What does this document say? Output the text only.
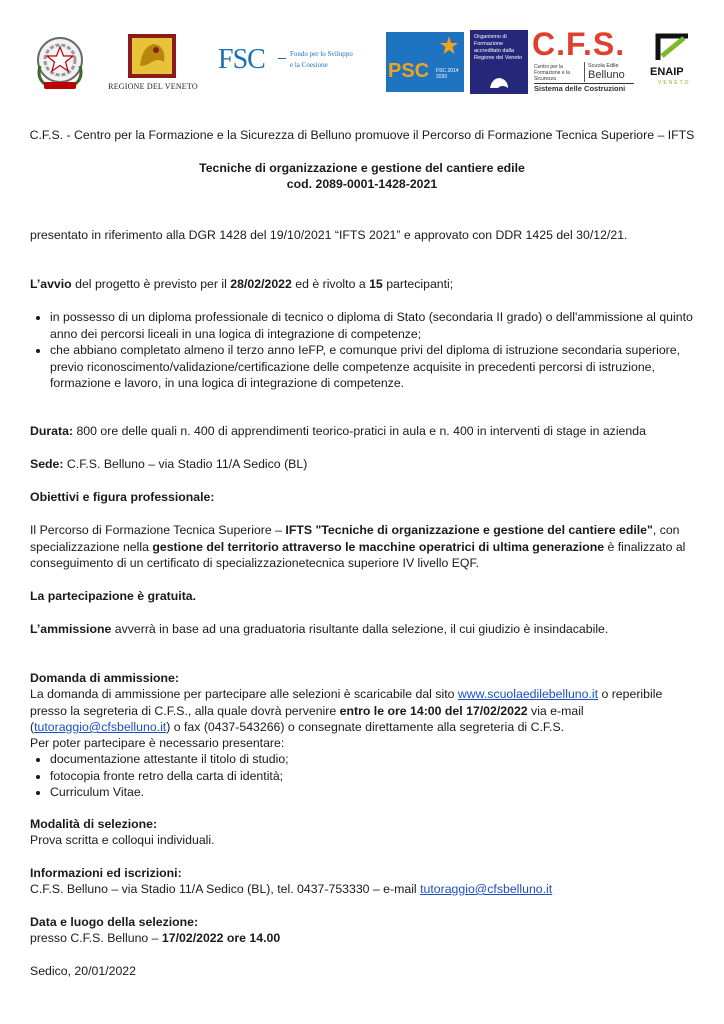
REGIONE DEL VENETO
FSC	Fondo per lo Sviluppo
e la Coesione	PSC FSC 2014 2020
Organismo di Formazione accreditato dalla Regione del Veneto C.F.S.
Centro per la Formazione e la Sicurezza
Scuola Edile
Belluno
Sistema delle Costruzioni
ENAIP
VENETO
C.F.S. - Centro per la Formazione e la Sicurezza di Belluno promuove il Percorso di Formazione Tecnica Superiore – IFTS
Tecniche di organizzazione e gestione del cantiere edile
cod. 2089-0001-1428-2021
presentato in riferimento alla DGR 1428 del 19/10/2021 “IFTS 2021” e approvato con DDR 1425 del 30/12/21.
L’avvio del progetto è previsto per il 28/02/2022 ed è rivolto a 15 partecipanti;
• in possesso di un diploma professionale di tecnico o diploma di Stato (secondaria II grado) o dell'ammissione al quinto anno dei percorsi liceali in una logica di integrazione di competenze;
• che abbiano completato almeno il terzo anno IeFP, e comunque privi del diploma di istruzione secondaria superiore, previo riconoscimento/validazione/certificazione delle competenze acquisite in precedenti percorsi di istruzione, formazione e lavoro, in una logica di integrazione di competenze.
Durata: 800 ore delle quali n. 400 di apprendimenti teorico-pratici in aula e n. 400 in interventi di stage in azienda
Sede: C.F.S. Belluno – via Stadio 11/A Sedico (BL)
Obiettivi e figura professionale:
Il Percorso di Formazione Tecnica Superiore – IFTS "Tecniche di organizzazione e gestione del cantiere edile", con specializzazione nella gestione del territorio attraverso le macchine operatrici di ultima generazione è finalizzato al conseguimento di un certificato di specializzazionetecnica superiore IV livello EQF.
La partecipazione è gratuita.
L’ammissione avverrà in base ad una graduatoria risultante dalla selezione, il cui giudizio è insindacabile.
Domanda di ammissione:
La domanda di ammissione per partecipare alle selezioni è scaricabile dal sito www.scuolaedilebelluno.it o reperibile presso la segreteria di C.F.S., alla quale dovrà pervenire entro le ore 14:00 del 17/02/2022 via e-mail (tutoraggio@cfsbelluno.it) o fax (0437-543266) o consegnate direttamente alla segreteria di C.F.S.
Per poter partecipare è necessario presentare:
• documentazione attestante il titolo di studio;
• fotocopia fronte retro della carta di identità;
• Curriculum Vitae.
Modalità di selezione:
Prova scritta e colloqui individuali.
Informazioni ed iscrizioni:
C.F.S. Belluno – via Stadio 11/A Sedico (BL), tel. 0437-753330 – e-mail tutoraggio@cfsbelluno.it
Data e luogo della selezione:
presso C.F.S. Belluno – 17/02/2022 ore 14.00
Sedico, 20/01/2022
